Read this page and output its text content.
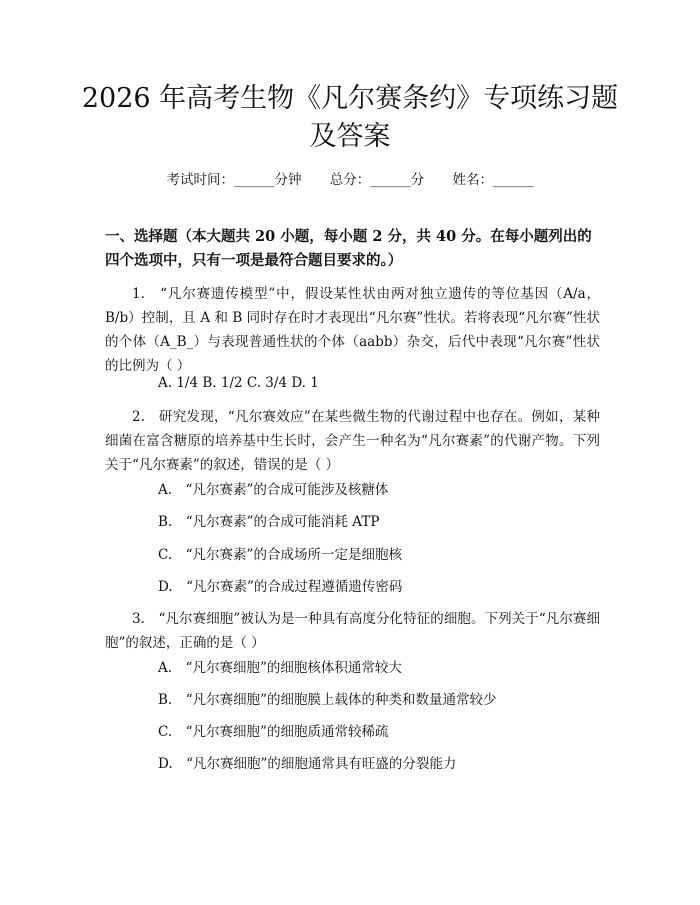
2026 年高考生物《凡尔赛条约》专项练习题
及答案
考试时间：______分钟 总分：______分 姓名：______
一、选择题（本大题共 20 小题，每小题 2 分，共 40 分。在每小题列出的四个选项中，只有一项是最符合题目要求的。）
1.　“凡尔赛遗传模型”中，假设某性状由两对独立遗传的等位基因（A/a，B/b）控制，且 A 和 B 同时存在时才表现出“凡尔赛”性状。若将表现“凡尔赛”性状的个体（A_B_）与表现普通性状的个体（aabb）杂交，后代中表现“凡尔赛”性状的比例为（ ）
A. 1/4 B. 1/2 C. 3/4 D. 1
2.　研究发现，“凡尔赛效应”在某些微生物的代谢过程中也存在。例如，某种细菌在富含糖原的培养基中生长时，会产生一种名为“凡尔赛素”的代谢产物。下列关于“凡尔赛素”的叙述，错误的是（ ）
A.　“凡尔赛素”的合成可能涉及核糖体
B.　“凡尔赛素”的合成可能消耗 ATP
C.　“凡尔赛素”的合成场所一定是细胞核
D.　“凡尔赛素”的合成过程遵循遗传密码
3.　“凡尔赛细胞”被认为是一种具有高度分化特征的细胞。下列关于“凡尔赛细胞”的叙述，正确的是（ ）
A.　“凡尔赛细胞”的细胞核体积通常较大
B.　“凡尔赛细胞”的细胞膜上载体的种类和数量通常较少
C.　“凡尔赛细胞”的细胞质通常较稀疏
D.　“凡尔赛细胞”的细胞通常具有旺盛的分裂能力
